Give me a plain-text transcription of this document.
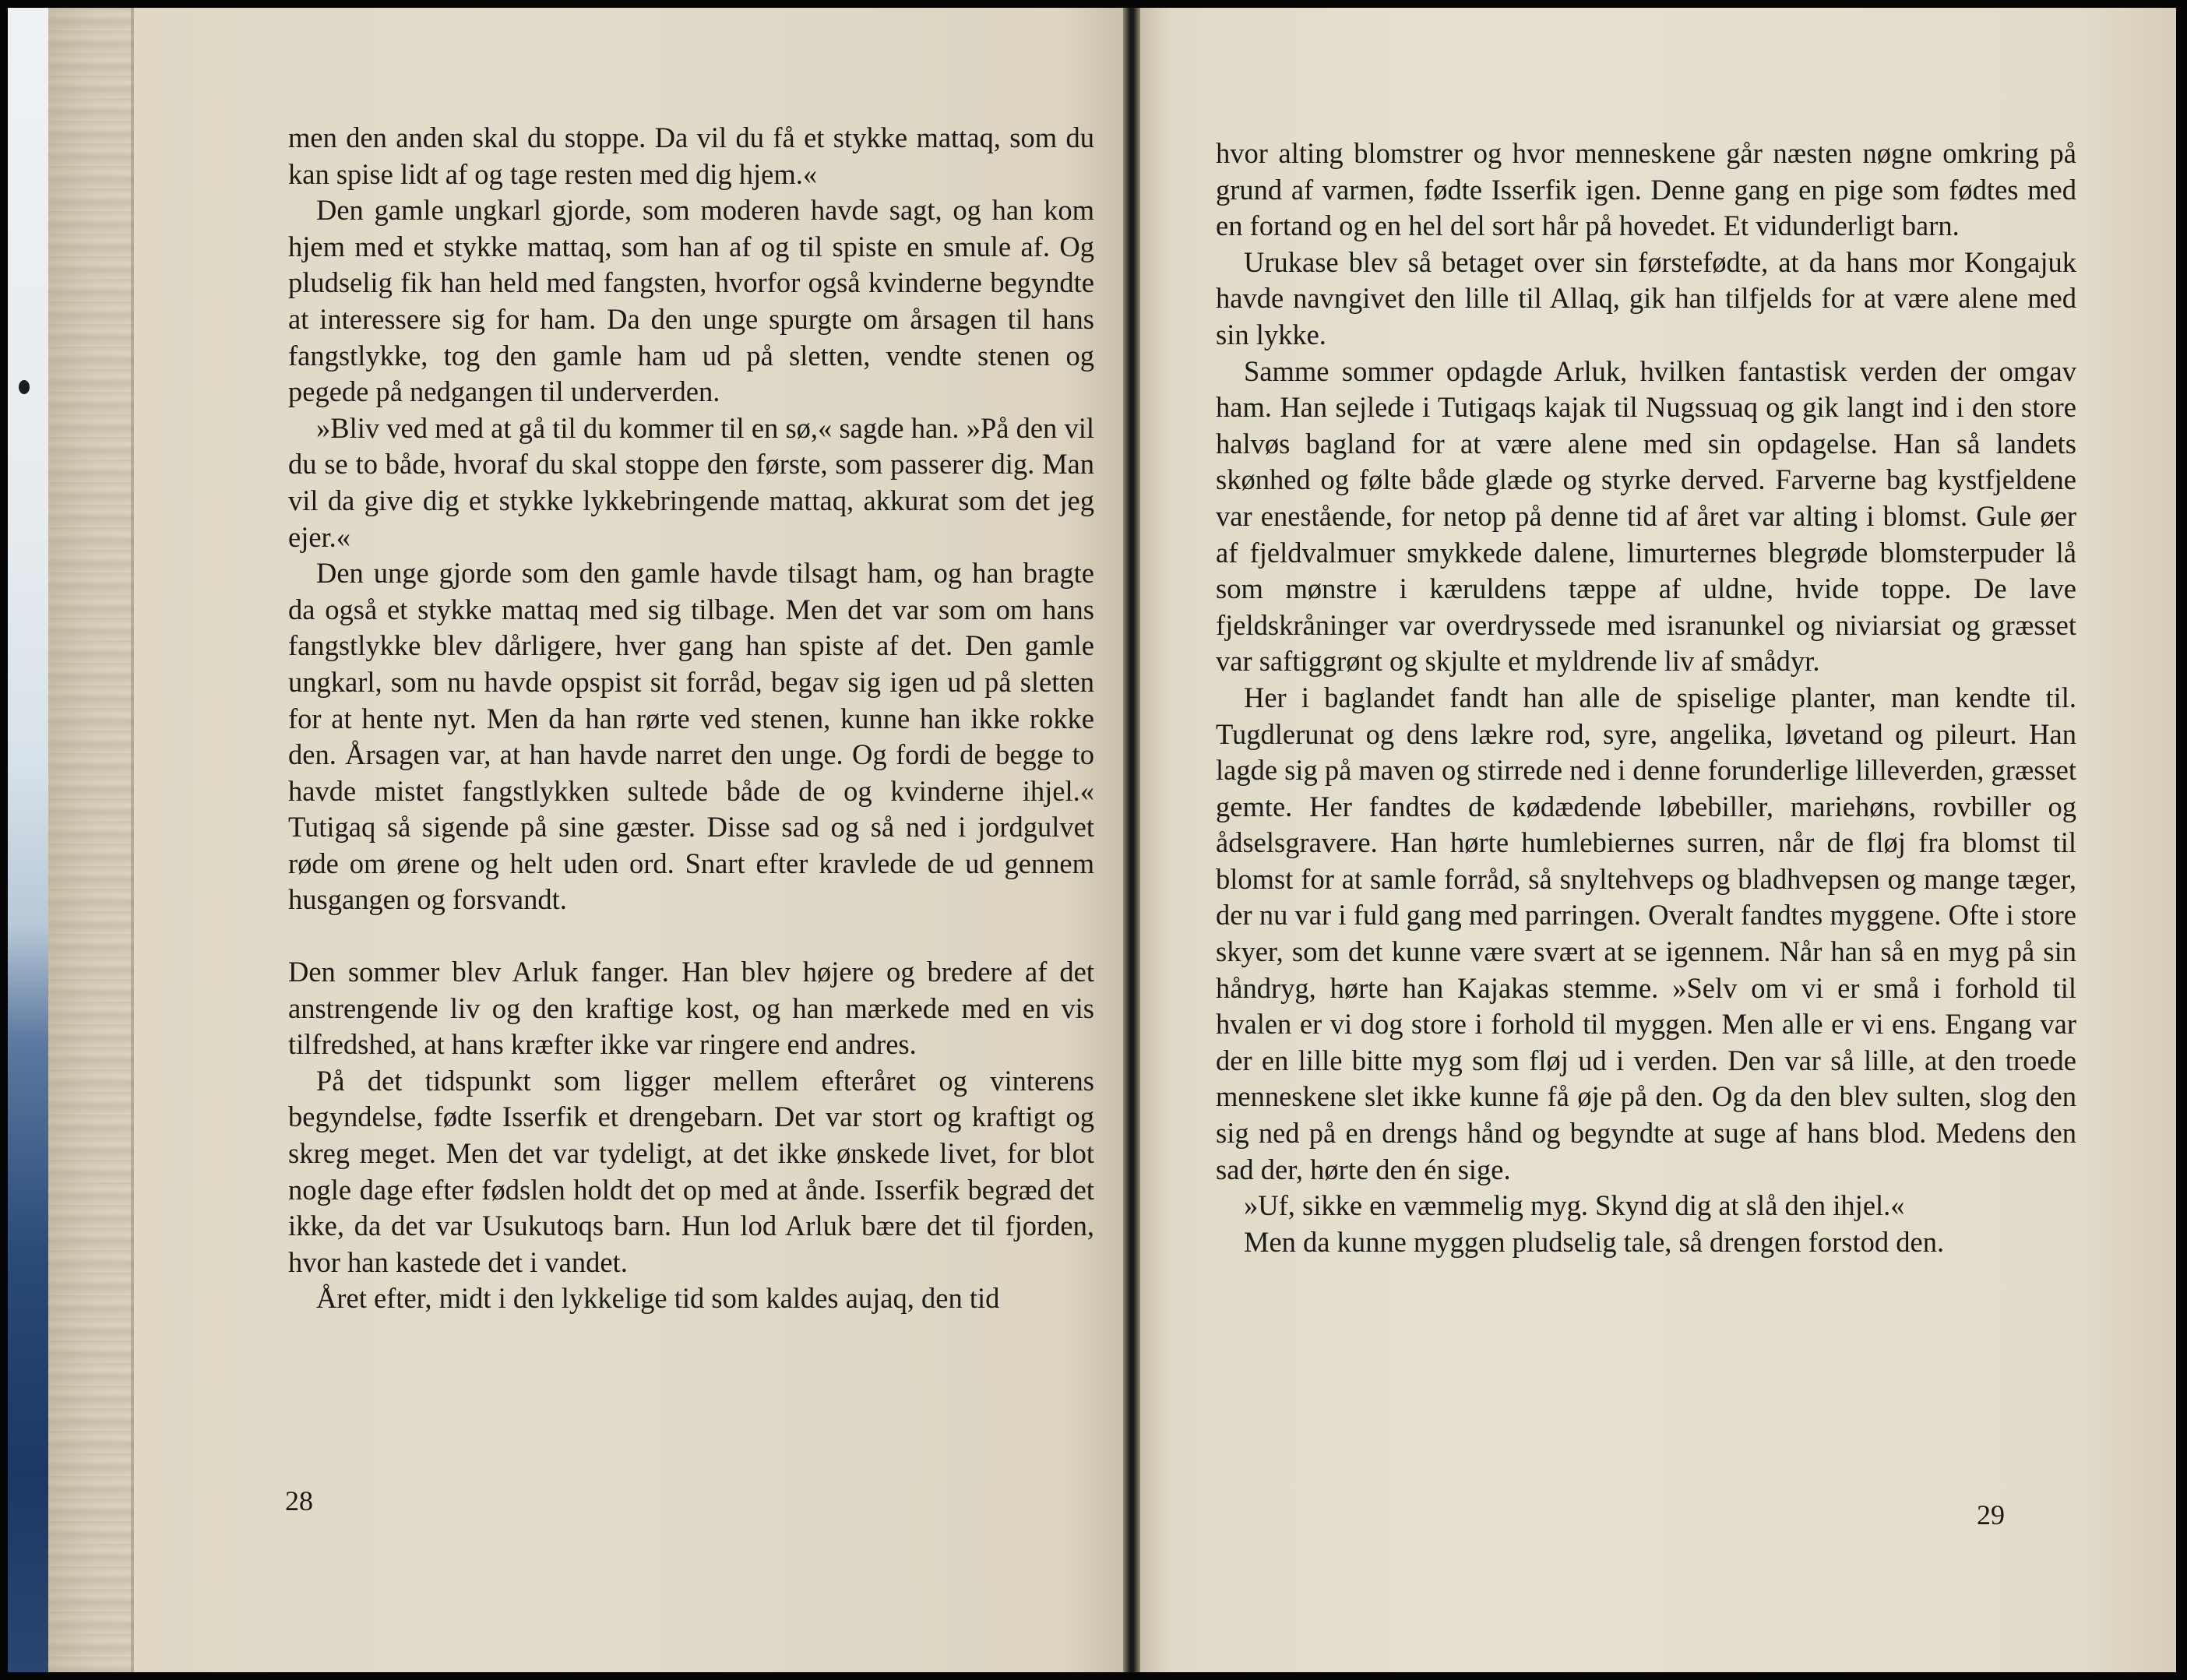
men den anden skal du stoppe. Da vil du få et stykke mattaq, som du kan spise lidt af og tage resten med dig hjem.«

Den gamle ungkarl gjorde, som moderen havde sagt, og han kom hjem med et stykke mattaq, som han af og til spiste en smule af. Og pludselig fik han held med fangsten, hvorfor også kvinderne begyndte at interessere sig for ham. Da den unge spurgte om årsagen til hans fangstlykke, tog den gamle ham ud på sletten, vendte stenen og pegede på nedgangen til underverden.

»Bliv ved med at gå til du kommer til en sø,« sagde han. »På den vil du se to både, hvoraf du skal stoppe den første, som passerer dig. Man vil da give dig et stykke lykkebringende mattaq, akkurat som det jeg ejer.«

Den unge gjorde som den gamle havde tilsagt ham, og han bragte da også et stykke mattaq med sig tilbage. Men det var som om hans fangstlykke blev dårligere, hver gang han spiste af det. Den gamle ungkarl, som nu havde opspist sit forråd, begav sig igen ud på sletten for at hente nyt. Men da han rørte ved stenen, kunne han ikke rokke den. Årsagen var, at han havde narret den unge. Og fordi de begge to havde mistet fangstlykken sultede både de og kvinderne ihjel.« Tutigaq så sigende på sine gæster. Disse sad og så ned i jordgulvet røde om ørene og helt uden ord. Snart efter kravlede de ud gennem husgangen og forsvandt.

Den sommer blev Arluk fanger. Han blev højere og bredere af det anstrengende liv og den kraftige kost, og han mærkede med en vis tilfredshed, at hans kræfter ikke var ringere end andres.

På det tidspunkt som ligger mellem efteråret og vinterens begyndelse, fødte Isserfik et drengebarn. Det var stort og kraftigt og skreg meget. Men det var tydeligt, at det ikke ønskede livet, for blot nogle dage efter fødslen holdt det op med at ånde. Isserfik begræd det ikke, da det var Usukutoqs barn. Hun lod Arluk bære det til fjorden, hvor han kastede det i vandet.

Året efter, midt i den lykkelige tid som kaldes aujaq, den tid

28

hvor alting blomstrer og hvor menneskene går næsten nøgne omkring på grund af varmen, fødte Isserfik igen. Denne gang en pige som fødtes med en fortand og en hel del sort hår på hovedet. Et vidunderligt barn.

Urukase blev så betaget over sin førstefødte, at da hans mor Kongajuk havde navngivet den lille til Allaq, gik han tilfjelds for at være alene med sin lykke.

Samme sommer opdagde Arluk, hvilken fantastisk verden der omgav ham. Han sejlede i Tutigaqs kajak til Nugssuaq og gik langt ind i den store halvøs bagland for at være alene med sin opdagelse. Han så landets skønhed og følte både glæde og styrke derved. Farverne bag kystfjeldene var enestående, for netop på denne tid af året var alting i blomst. Gule øer af fjeldvalmuer smykkede dalene, limurternes blegrøde blomsterpuder lå som mønstre i kæruldens tæppe af uldne, hvide toppe. De lave fjeldskråninger var overdryssede med isranunkel og niviarsiat og græsset var saftiggrønt og skjulte et myldrende liv af smådyr.

Her i baglandet fandt han alle de spiselige planter, man kendte til. Tugdlerunat og dens lækre rod, syre, angelika, løvetand og pileurt. Han lagde sig på maven og stirrede ned i denne forunderlige lilleverden, græsset gemte. Her fandtes de kødædende løbebiller, mariehøns, rovbiller og ådselsgravere. Han hørte humlebiernes surren, når de fløj fra blomst til blomst for at samle forråd, så snyltehveps og bladhvepsen og mange tæger, der nu var i fuld gang med parringen. Overalt fandtes myggene. Ofte i store skyer, som det kunne være svært at se igennem. Når han så en myg på sin håndryg, hørte han Kajakas stemme. »Selv om vi er små i forhold til hvalen er vi dog store i forhold til myggen. Men alle er vi ens. Engang var der en lille bitte myg som fløj ud i verden. Den var så lille, at den troede menneskene slet ikke kunne få øje på den. Og da den blev sulten, slog den sig ned på en drengs hånd og begyndte at suge af hans blod. Medens den sad der, hørte den én sige.

»Uf, sikke en væmmelig myg. Skynd dig at slå den ihjel.«

Men da kunne myggen pludselig tale, så drengen forstod den.

29
